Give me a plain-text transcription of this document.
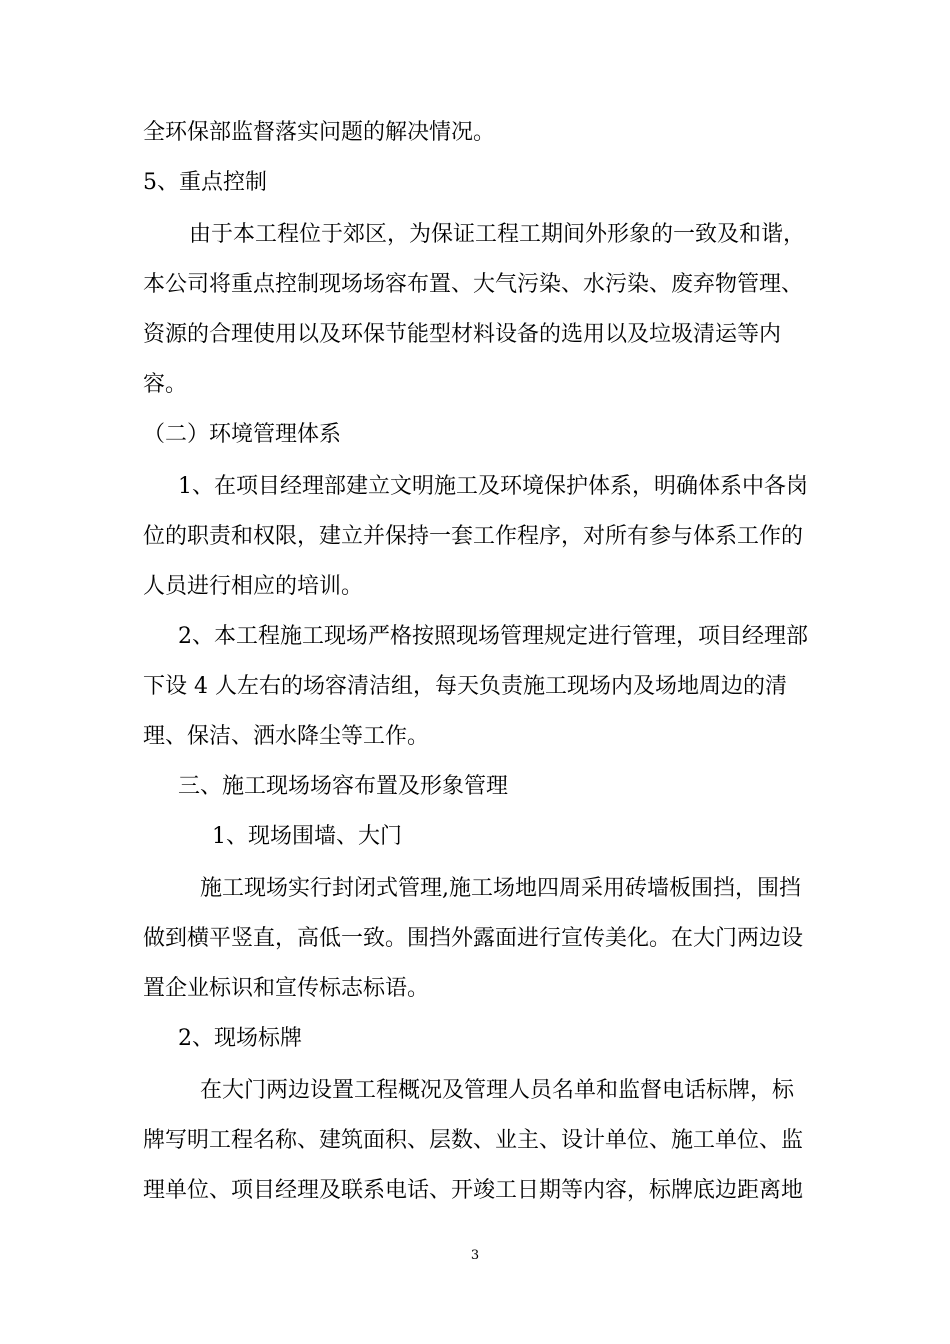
全环保部监督落实问题的解决情况。
5、重点控制
由于本工程位于郊区，为保证工程工期间外形象的一致及和谐，
本公司将重点控制现场场容布置、大气污染、水污染、废弃物管理、
资源的合理使用以及环保节能型材料设备的选用以及垃圾清运等内
容。
（二）环境管理体系
1、在项目经理部建立文明施工及环境保护体系，明确体系中各岗
位的职责和权限，建立并保持一套工作程序，对所有参与体系工作的
人员进行相应的培训。
2、本工程施工现场严格按照现场管理规定进行管理，项目经理部
下设 4 人左右的场容清洁组，每天负责施工现场内及场地周边的清
理、保洁、洒水降尘等工作。
三、施工现场场容布置及形象管理
1、现场围墙、大门
施工现场实行封闭式管理,施工场地四周采用砖墙板围挡，围挡
做到横平竖直，高低一致。围挡外露面进行宣传美化。在大门两边设
置企业标识和宣传标志标语。
2、现场标牌
在大门两边设置工程概况及管理人员名单和监督电话标牌，标
牌写明工程名称、建筑面积、层数、业主、设计单位、施工单位、监
理单位、项目经理及联系电话、开竣工日期等内容，标牌底边距离地
3
